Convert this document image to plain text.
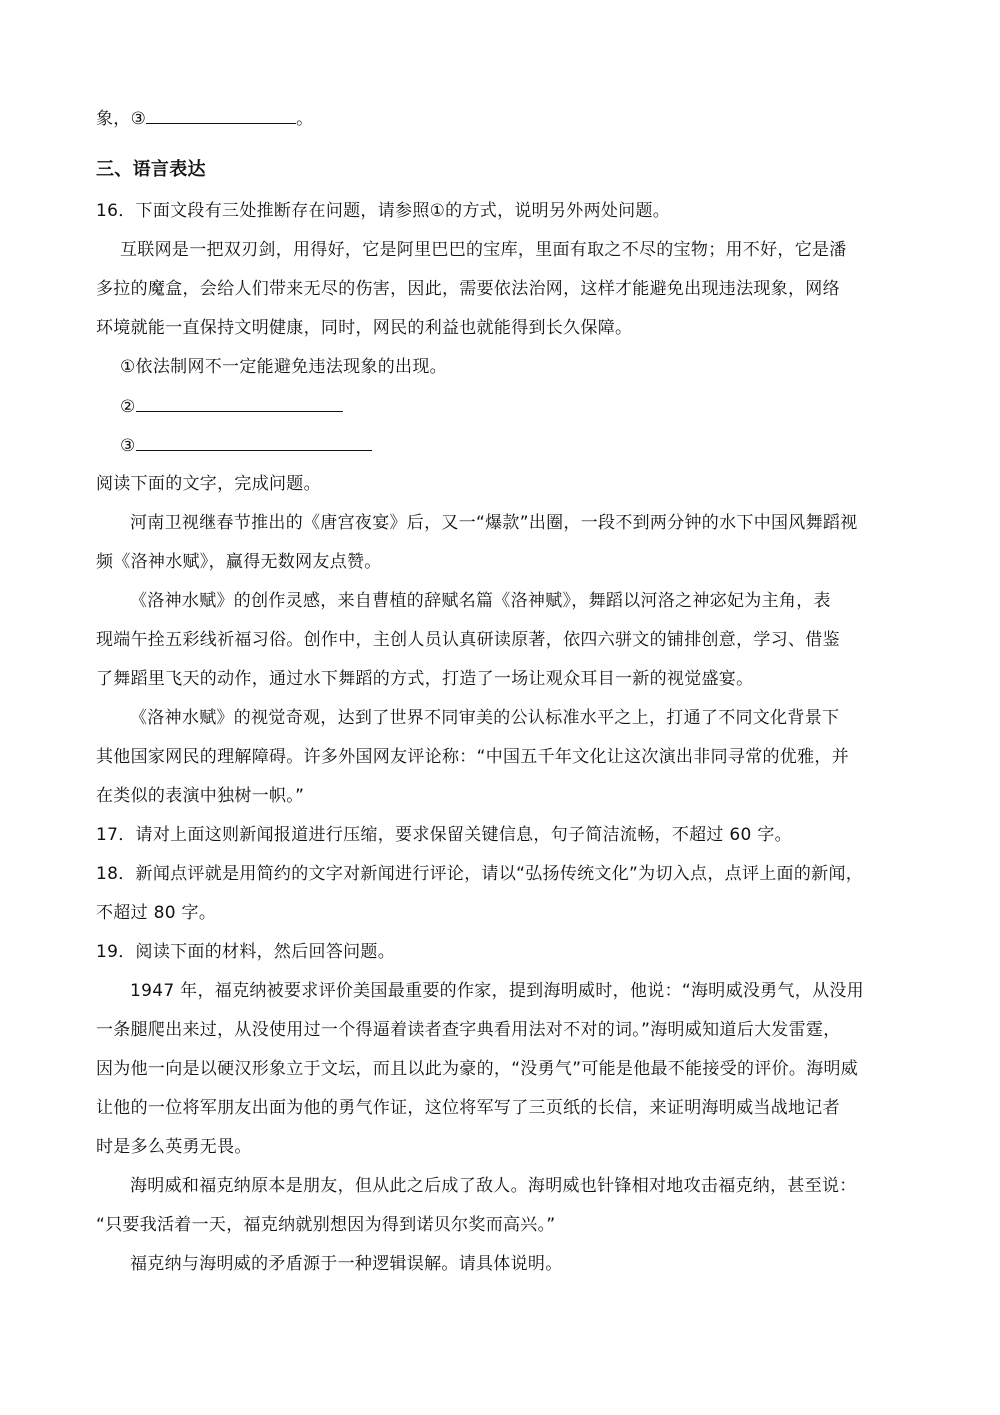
象，③	。
三、语言表达
16．下面文段有三处推断存在问题，请参照①的方式，说明另外两处问题。
互联网是一把双刃剑，用得好，它是阿里巴巴的宝库，里面有取之不尽的宝物；用不好，它是潘
多拉的魔盒，会给人们带来无尽的伤害，因此，需要依法治网，这样才能避免出现违法现象，网络
环境就能一直保持文明健康，同时，网民的利益也就能得到长久保障。
①依法制网不一定能避免违法现象的出现。
②
③
阅读下面的文字，完成问题。
河南卫视继春节推出的《唐宫夜宴》后，又一“爆款”出圈，一段不到两分钟的水下中国风舞蹈视
频《洛神水赋》，赢得无数网友点赞。
《洛神水赋》的创作灵感，来自曹植的辞赋名篇《洛神赋》，舞蹈以河洛之神宓妃为主角，表
现端午拴五彩线祈福习俗。创作中，主创人员认真研读原著，依四六骈文的铺排创意，学习、借鉴
了舞蹈里飞天的动作，通过水下舞蹈的方式，打造了一场让观众耳目一新的视觉盛宴。
《洛神水赋》的视觉奇观，达到了世界不同审美的公认标准水平之上，打通了不同文化背景下
其他国家网民的理解障碍。许多外国网友评论称：“中国五千年文化让这次演出非同寻常的优雅，并
在类似的表演中独树一帜。”
17．请对上面这则新闻报道进行压缩，要求保留关键信息，句子简洁流畅，不超过 60 字。
18．新闻点评就是用简约的文字对新闻进行评论，请以“弘扬传统文化”为切入点，点评上面的新闻，
不超过 80 字。
19．阅读下面的材料，然后回答问题。
1947 年，福克纳被要求评价美国最重要的作家，提到海明威时，他说：“海明威没勇气，从没用
一条腿爬出来过，从没使用过一个得逼着读者查字典看用法对不对的词。”海明威知道后大发雷霆，
因为他一向是以硬汉形象立于文坛，而且以此为豪的，“没勇气”可能是他最不能接受的评价。海明威
让他的一位将军朋友出面为他的勇气作证，这位将军写了三页纸的长信，来证明海明威当战地记者
时是多么英勇无畏。
海明威和福克纳原本是朋友，但从此之后成了敌人。海明威也针锋相对地攻击福克纳，甚至说：
“只要我活着一天，福克纳就别想因为得到诺贝尔奖而高兴。”
福克纳与海明威的矛盾源于一种逻辑误解。请具体说明。
